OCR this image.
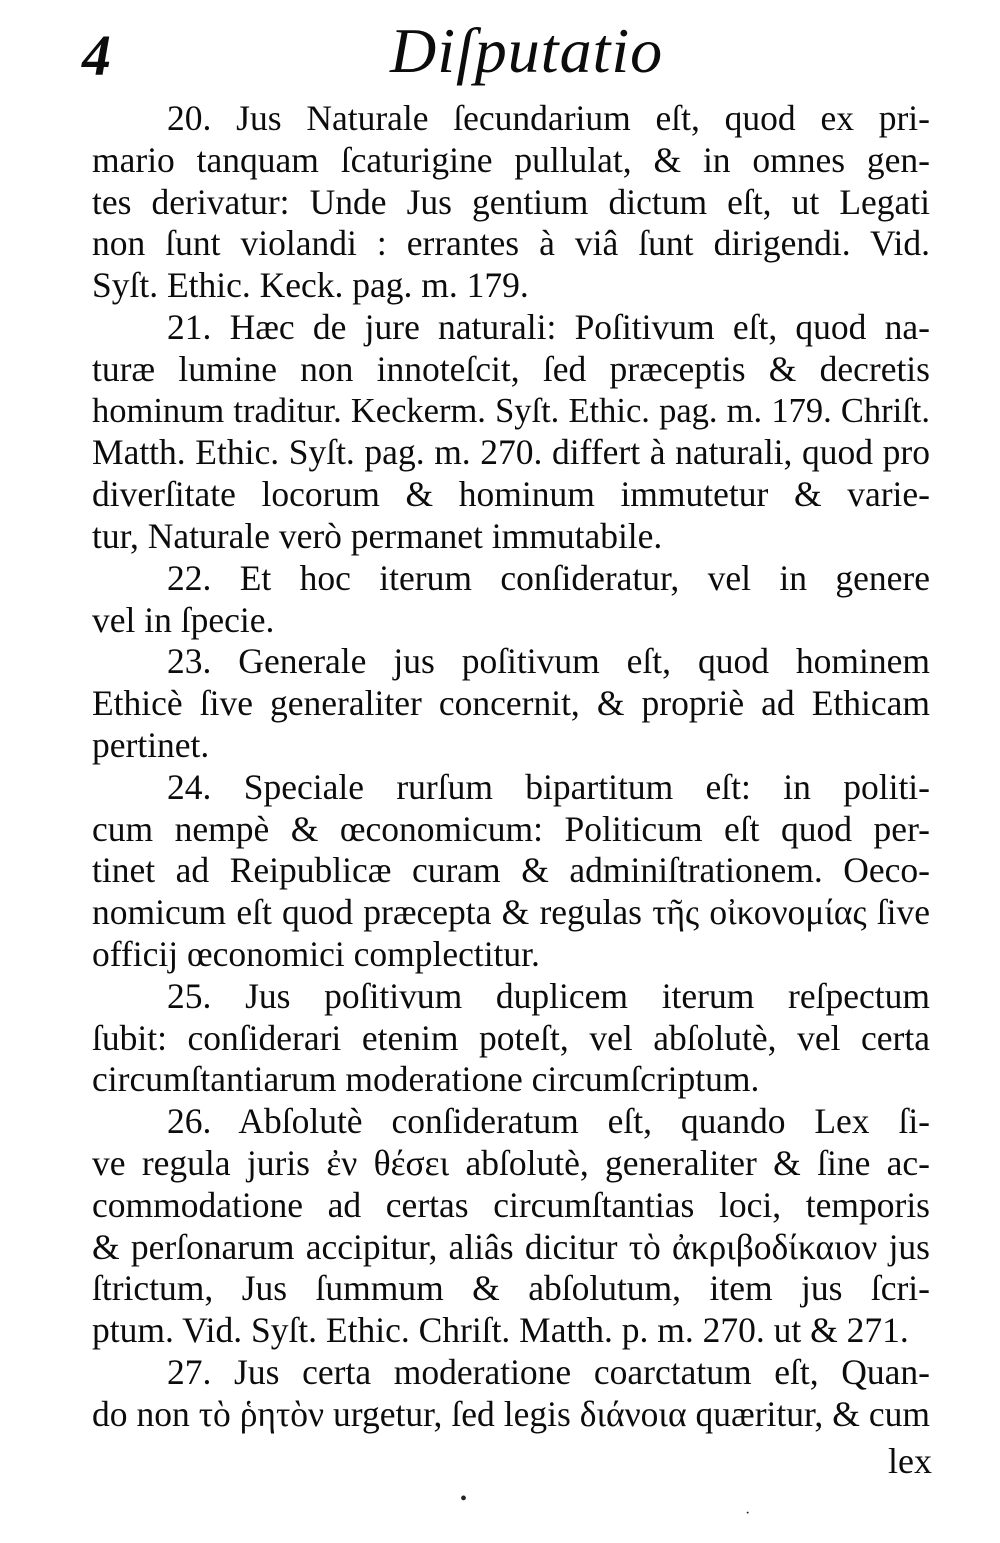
4	Diſputatio
20. Jus Naturale ſecundarium eſt, quod ex pri-
mario tanquam ſcaturigine pullulat, & in omnes gen-
tes derivatur: Unde Jus gentium dictum eſt, ut Legati
non ſunt violandi : errantes à viâ ſunt dirigendi. Vid.
Syſt. Ethic. Keck. pag. m. 179.
21. Hæc de jure naturali: Poſitivum eſt, quod na-
turæ lumine non innoteſcit, ſed præceptis & decretis
hominum traditur. Keckerm. Syſt. Ethic. pag. m. 179. Chriſt.
Matth. Ethic. Syſt. pag. m. 270. differt à naturali, quod pro
diverſitate locorum & hominum immutetur & varie-
tur, Naturale verò permanet immutabile.
22. Et hoc iterum conſideratur, vel in genere
vel in ſpecie.
23. Generale jus poſitivum eſt, quod hominem
Ethicè ſive generaliter concernit, & propriè ad Ethicam
pertinet.
24. Speciale rurſum bipartitum eſt: in politi-
cum nempè & œconomicum: Politicum eſt quod per-
tinet ad Reipublicæ curam & adminiſtrationem. Oeco-
nomicum eſt quod præcepta & regulas τῆς οἰκονομίας ſive
officij œconomici complectitur.
25. Jus poſitivum duplicem iterum reſpectum
ſubit: conſiderari etenim poteſt, vel abſolutè, vel certa
circumſtantiarum moderatione circumſcriptum.
26. Abſolutè conſideratum eſt, quando Lex ſi-
ve regula juris ἐν θέσει abſolutè, generaliter & ſine ac-
commodatione ad certas circumſtantias loci, temporis
& perſonarum accipitur, aliâs dicitur τὸ ἀκριβοδίκαιον jus
ſtrictum, Jus ſummum & abſolutum, item jus ſcri-
ptum. Vid. Syſt. Ethic. Chriſt. Matth. p. m. 270. ut & 271.
27. Jus certa moderatione coarctatum eſt, Quan-
do non τὸ ῥητὸν urgetur, ſed legis διάνοια quæritur, & cum
lex
•
·
